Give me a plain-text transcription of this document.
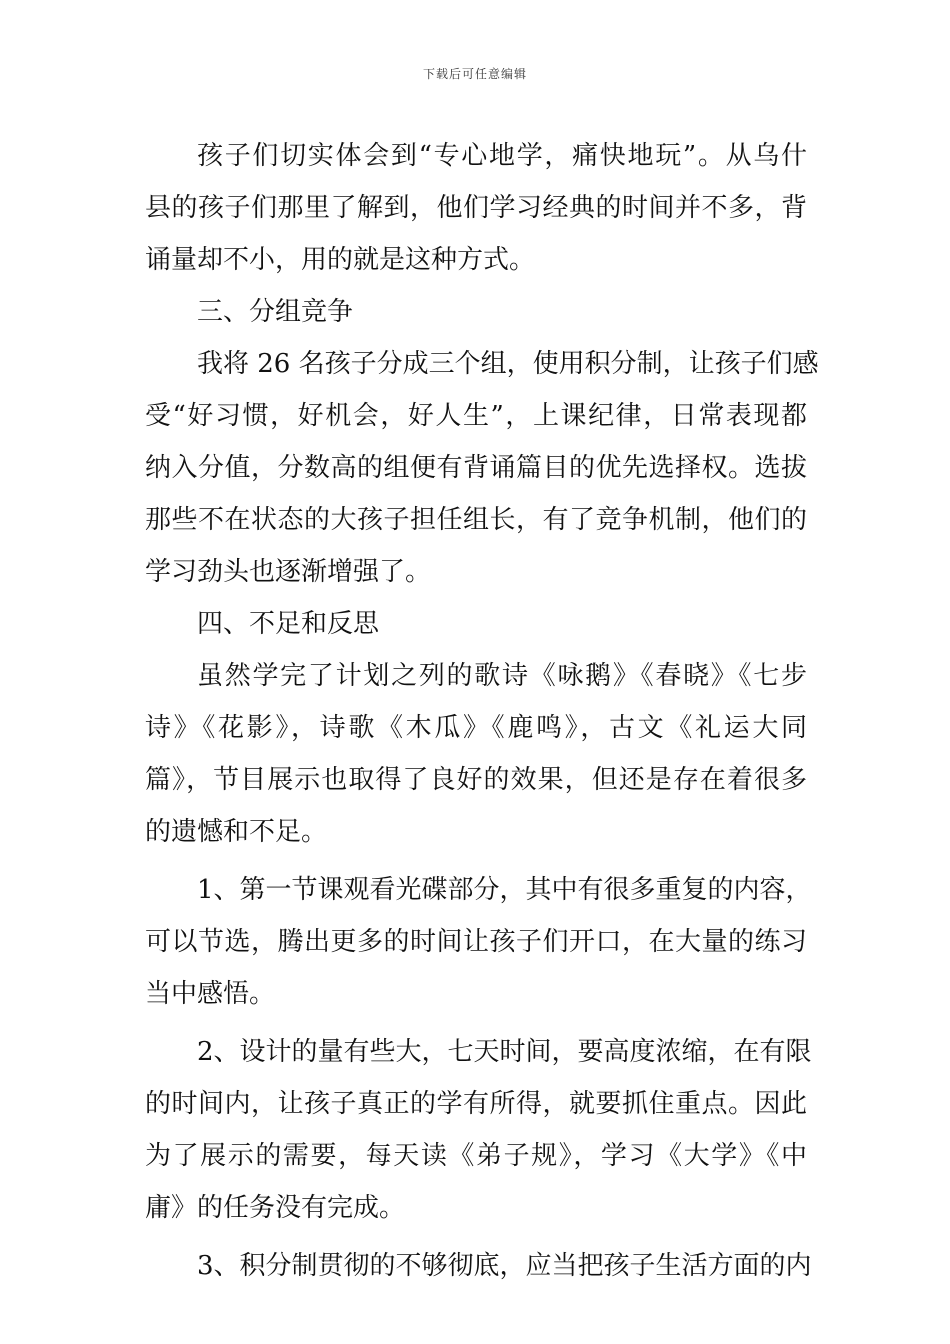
下载后可任意编辑
孩子们切实体会到“专心地学，痛快地玩”。从乌什
县的孩子们那里了解到，他们学习经典的时间并不多，背
诵量却不小，用的就是这种方式。
三、分组竞争
我将 26 名孩子分成三个组，使用积分制，让孩子们感
受“好习惯，好机会，好人生”，上课纪律，日常表现都
纳入分值，分数高的组便有背诵篇目的优先选择权。选拔
那些不在状态的大孩子担任组长，有了竞争机制，他们的
学习劲头也逐渐增强了。
四、不足和反思
虽然学完了计划之列的歌诗《咏鹅》《春晓》《七步
诗》《花影》，诗歌《木瓜》《鹿鸣》，古文《礼运大同
篇》，节目展示也取得了良好的效果，但还是存在着很多
的遗憾和不足。
1、第一节课观看光碟部分，其中有很多重复的内容，
可以节选，腾出更多的时间让孩子们开口，在大量的练习
当中感悟。
2、设计的量有些大，七天时间，要高度浓缩，在有限
的时间内，让孩子真正的学有所得，就要抓住重点。因此
为了展示的需要，每天读《弟子规》，学习《大学》《中
庸》的任务没有完成。
3、积分制贯彻的不够彻底，应当把孩子生活方面的内
